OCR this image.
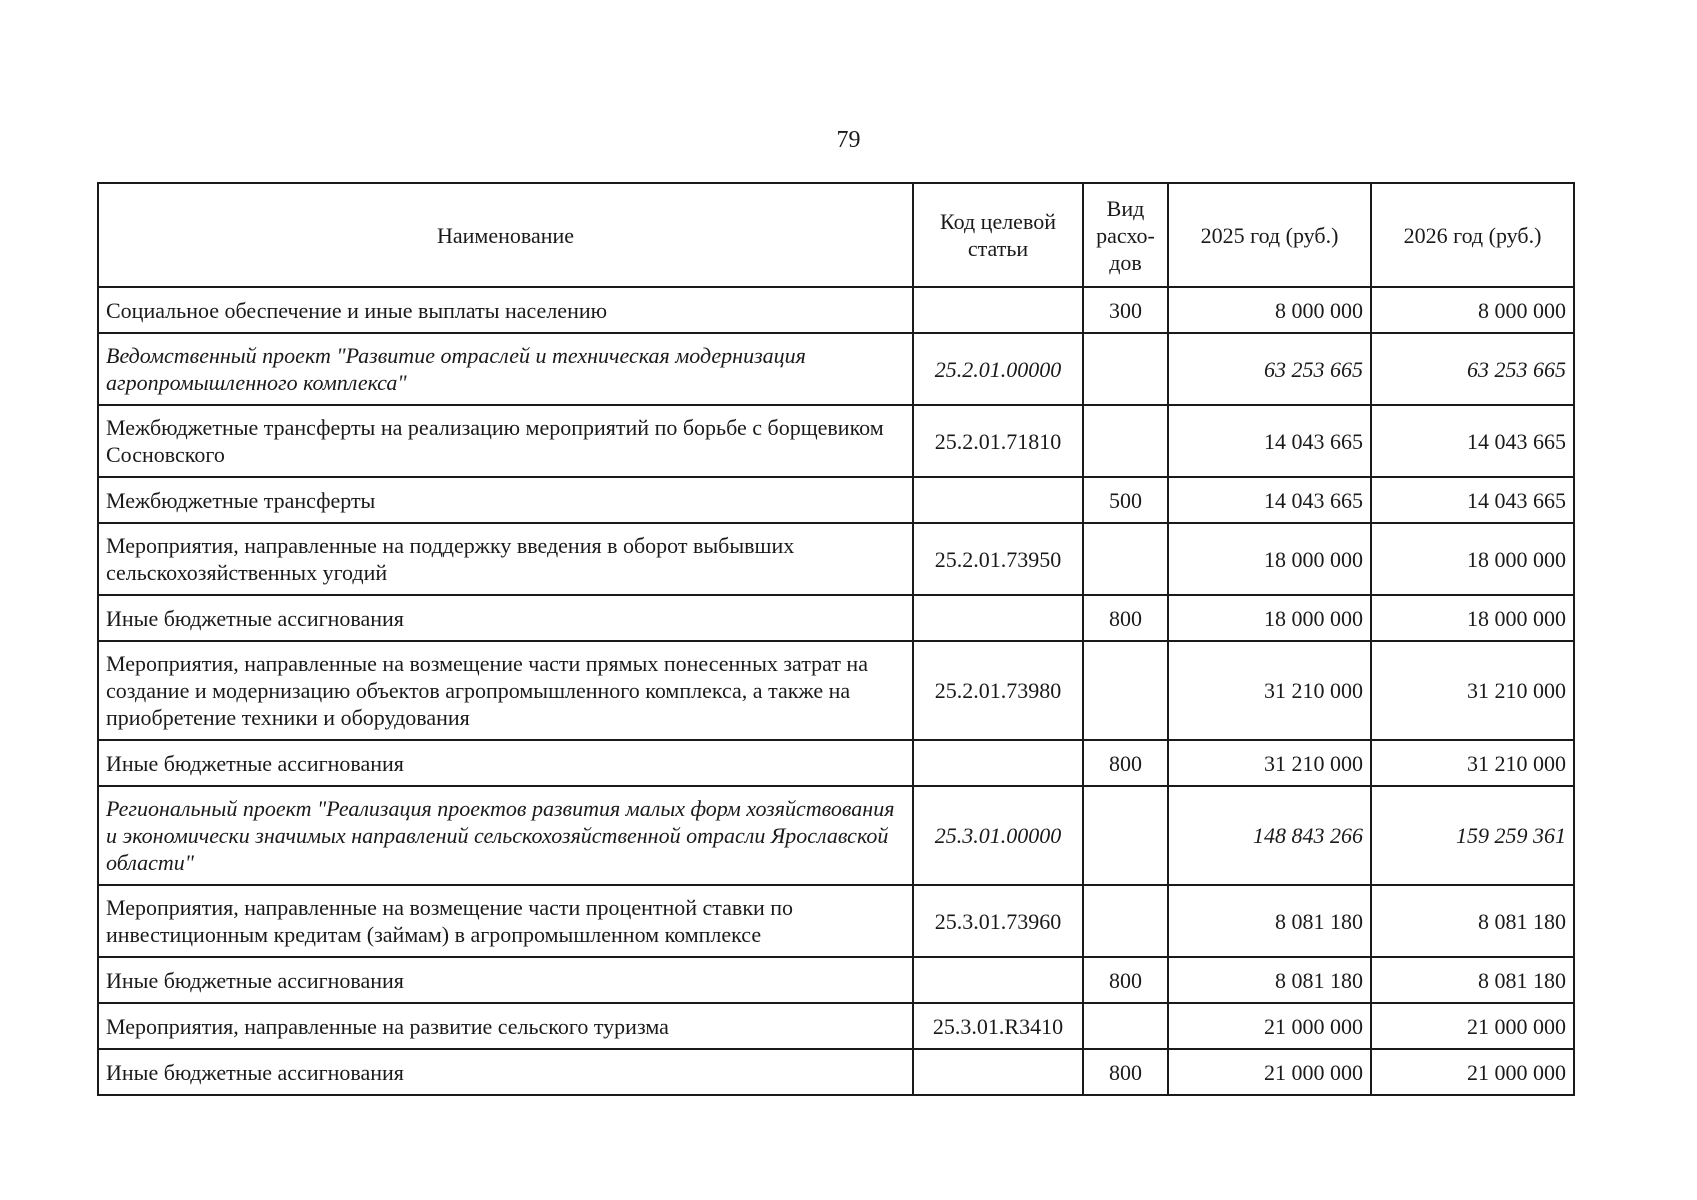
79
Наименование	Код целевой статьи	Вид расхо-дов	2025 год (руб.)	2026 год (руб.)
Социальное обеспечение и иные выплаты населению		300	8 000 000	8 000 000
Ведомственный проект "Развитие отраслей и техническая модернизация агропромышленного комплекса"	25.2.01.00000		63 253 665	63 253 665
Межбюджетные трансферты на реализацию мероприятий по борьбе с борщевиком Сосновского	25.2.01.71810		14 043 665	14 043 665
Межбюджетные трансферты		500	14 043 665	14 043 665
Мероприятия, направленные на поддержку введения в оборот выбывших сельскохозяйственных угодий	25.2.01.73950		18 000 000	18 000 000
Иные бюджетные ассигнования		800	18 000 000	18 000 000
Мероприятия, направленные на возмещение части прямых понесенных затрат на создание и модернизацию объектов агропромышленного комплекса, а также на приобретение техники и оборудования	25.2.01.73980		31 210 000	31 210 000
Иные бюджетные ассигнования		800	31 210 000	31 210 000
Региональный проект "Реализация проектов развития малых форм хозяйствования и экономически значимых направлений сельскохозяйственной отрасли Ярославской области"	25.3.01.00000		148 843 266	159 259 361
Мероприятия, направленные на возмещение части процентной ставки по инвестиционным кредитам (займам) в агропромышленном комплексе	25.3.01.73960		8 081 180	8 081 180
Иные бюджетные ассигнования		800	8 081 180	8 081 180
Мероприятия, направленные на развитие сельского туризма	25.3.01.R3410		21 000 000	21 000 000
Иные бюджетные ассигнования		800	21 000 000	21 000 000
